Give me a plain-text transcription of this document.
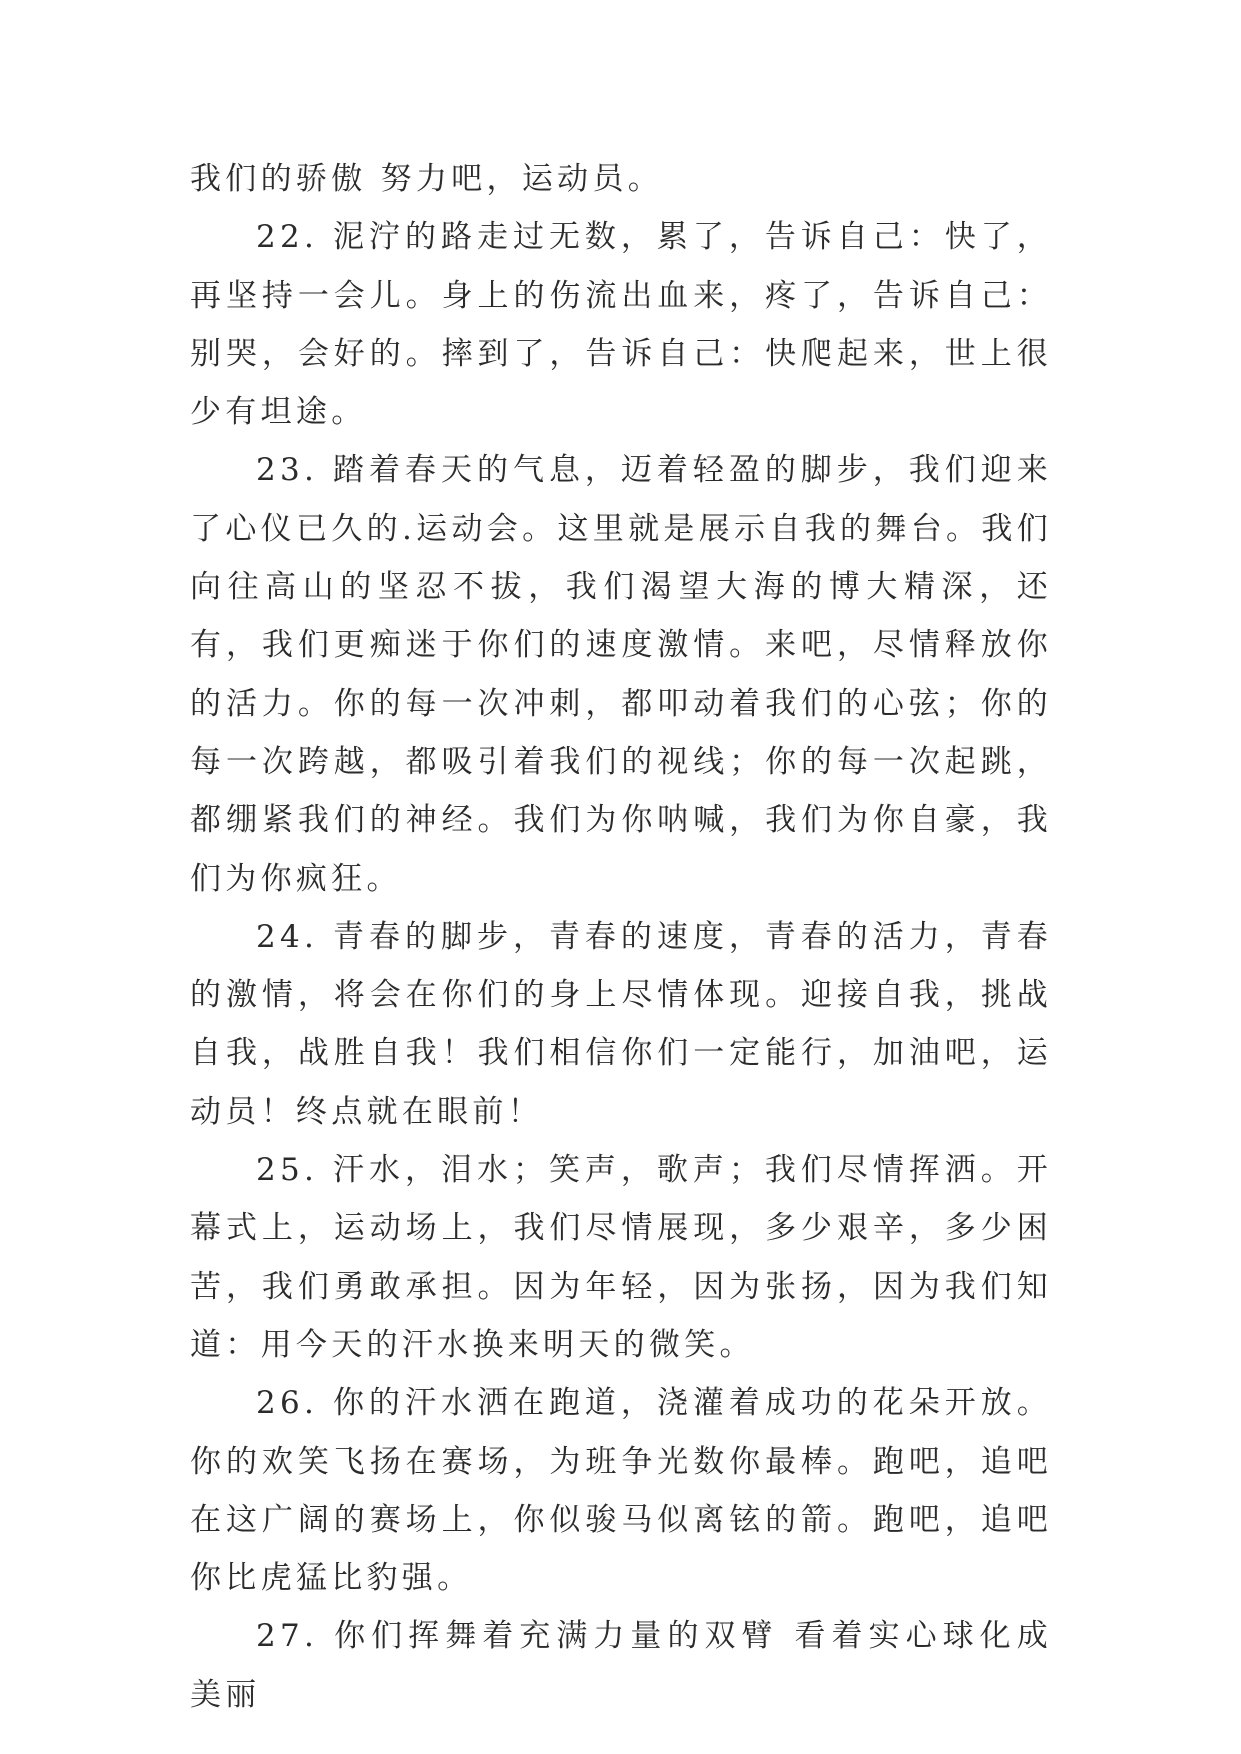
我们的骄傲 努力吧，运动员。

22. 泥泞的路走过无数，累了，告诉自己：快了，再坚持一会儿。身上的伤流出血来，疼了，告诉自己：别哭，会好的。摔到了，告诉自己：快爬起来，世上很少有坦途。

23. 踏着春天的气息，迈着轻盈的脚步，我们迎来了心仪已久的.运动会。这里就是展示自我的舞台。我们向往高山的坚忍不拔，我们渴望大海的博大精深，还有，我们更痴迷于你们的速度激情。来吧，尽情释放你的活力。你的每一次冲刺，都叩动着我们的心弦；你的每一次跨越，都吸引着我们的视线；你的每一次起跳，都绷紧我们的神经。我们为你呐喊，我们为你自豪，我们为你疯狂。

24. 青春的脚步，青春的速度，青春的活力，青春的激情，将会在你们的身上尽情体现。迎接自我，挑战自我，战胜自我！我们相信你们一定能行，加油吧，运动员！终点就在眼前！

25. 汗水，泪水；笑声，歌声；我们尽情挥洒。开幕式上，运动场上，我们尽情展现，多少艰辛，多少困苦，我们勇敢承担。因为年轻，因为张扬，因为我们知道：用今天的汗水换来明天的微笑。

26. 你的汗水洒在跑道，浇灌着成功的花朵开放。你的欢笑飞扬在赛场，为班争光数你最棒。跑吧，追吧 在这广阔的赛场上，你似骏马似离铉的箭。跑吧，追吧你比虎猛比豹强。

27. 你们挥舞着充满力量的双臂 看着实心球化成美丽
